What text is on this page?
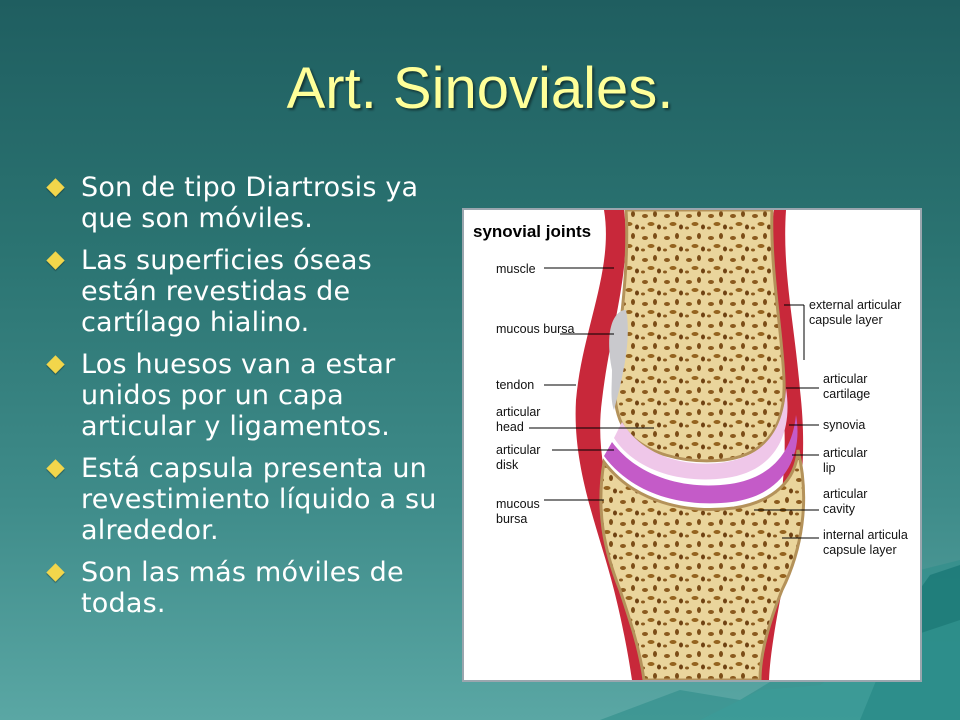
Art. Sinoviales.
Son de tipo Diartrosis ya que son móviles.
Las superficies óseas están revestidas de cartílago hialino.
Los huesos van a estar unidos por un capa articular y ligamentos.
Está capsula presenta un revestimiento líquido a su alrededor.
Son las más móviles de todas.
synovial joints
muscle
mucous bursa
tendon
articular
head
articular
disk
mucous
bursa
external articular
capsule layer
articular
cartilage
synovia
articular
lip
articular
cavity
internal articula
capsule layer
